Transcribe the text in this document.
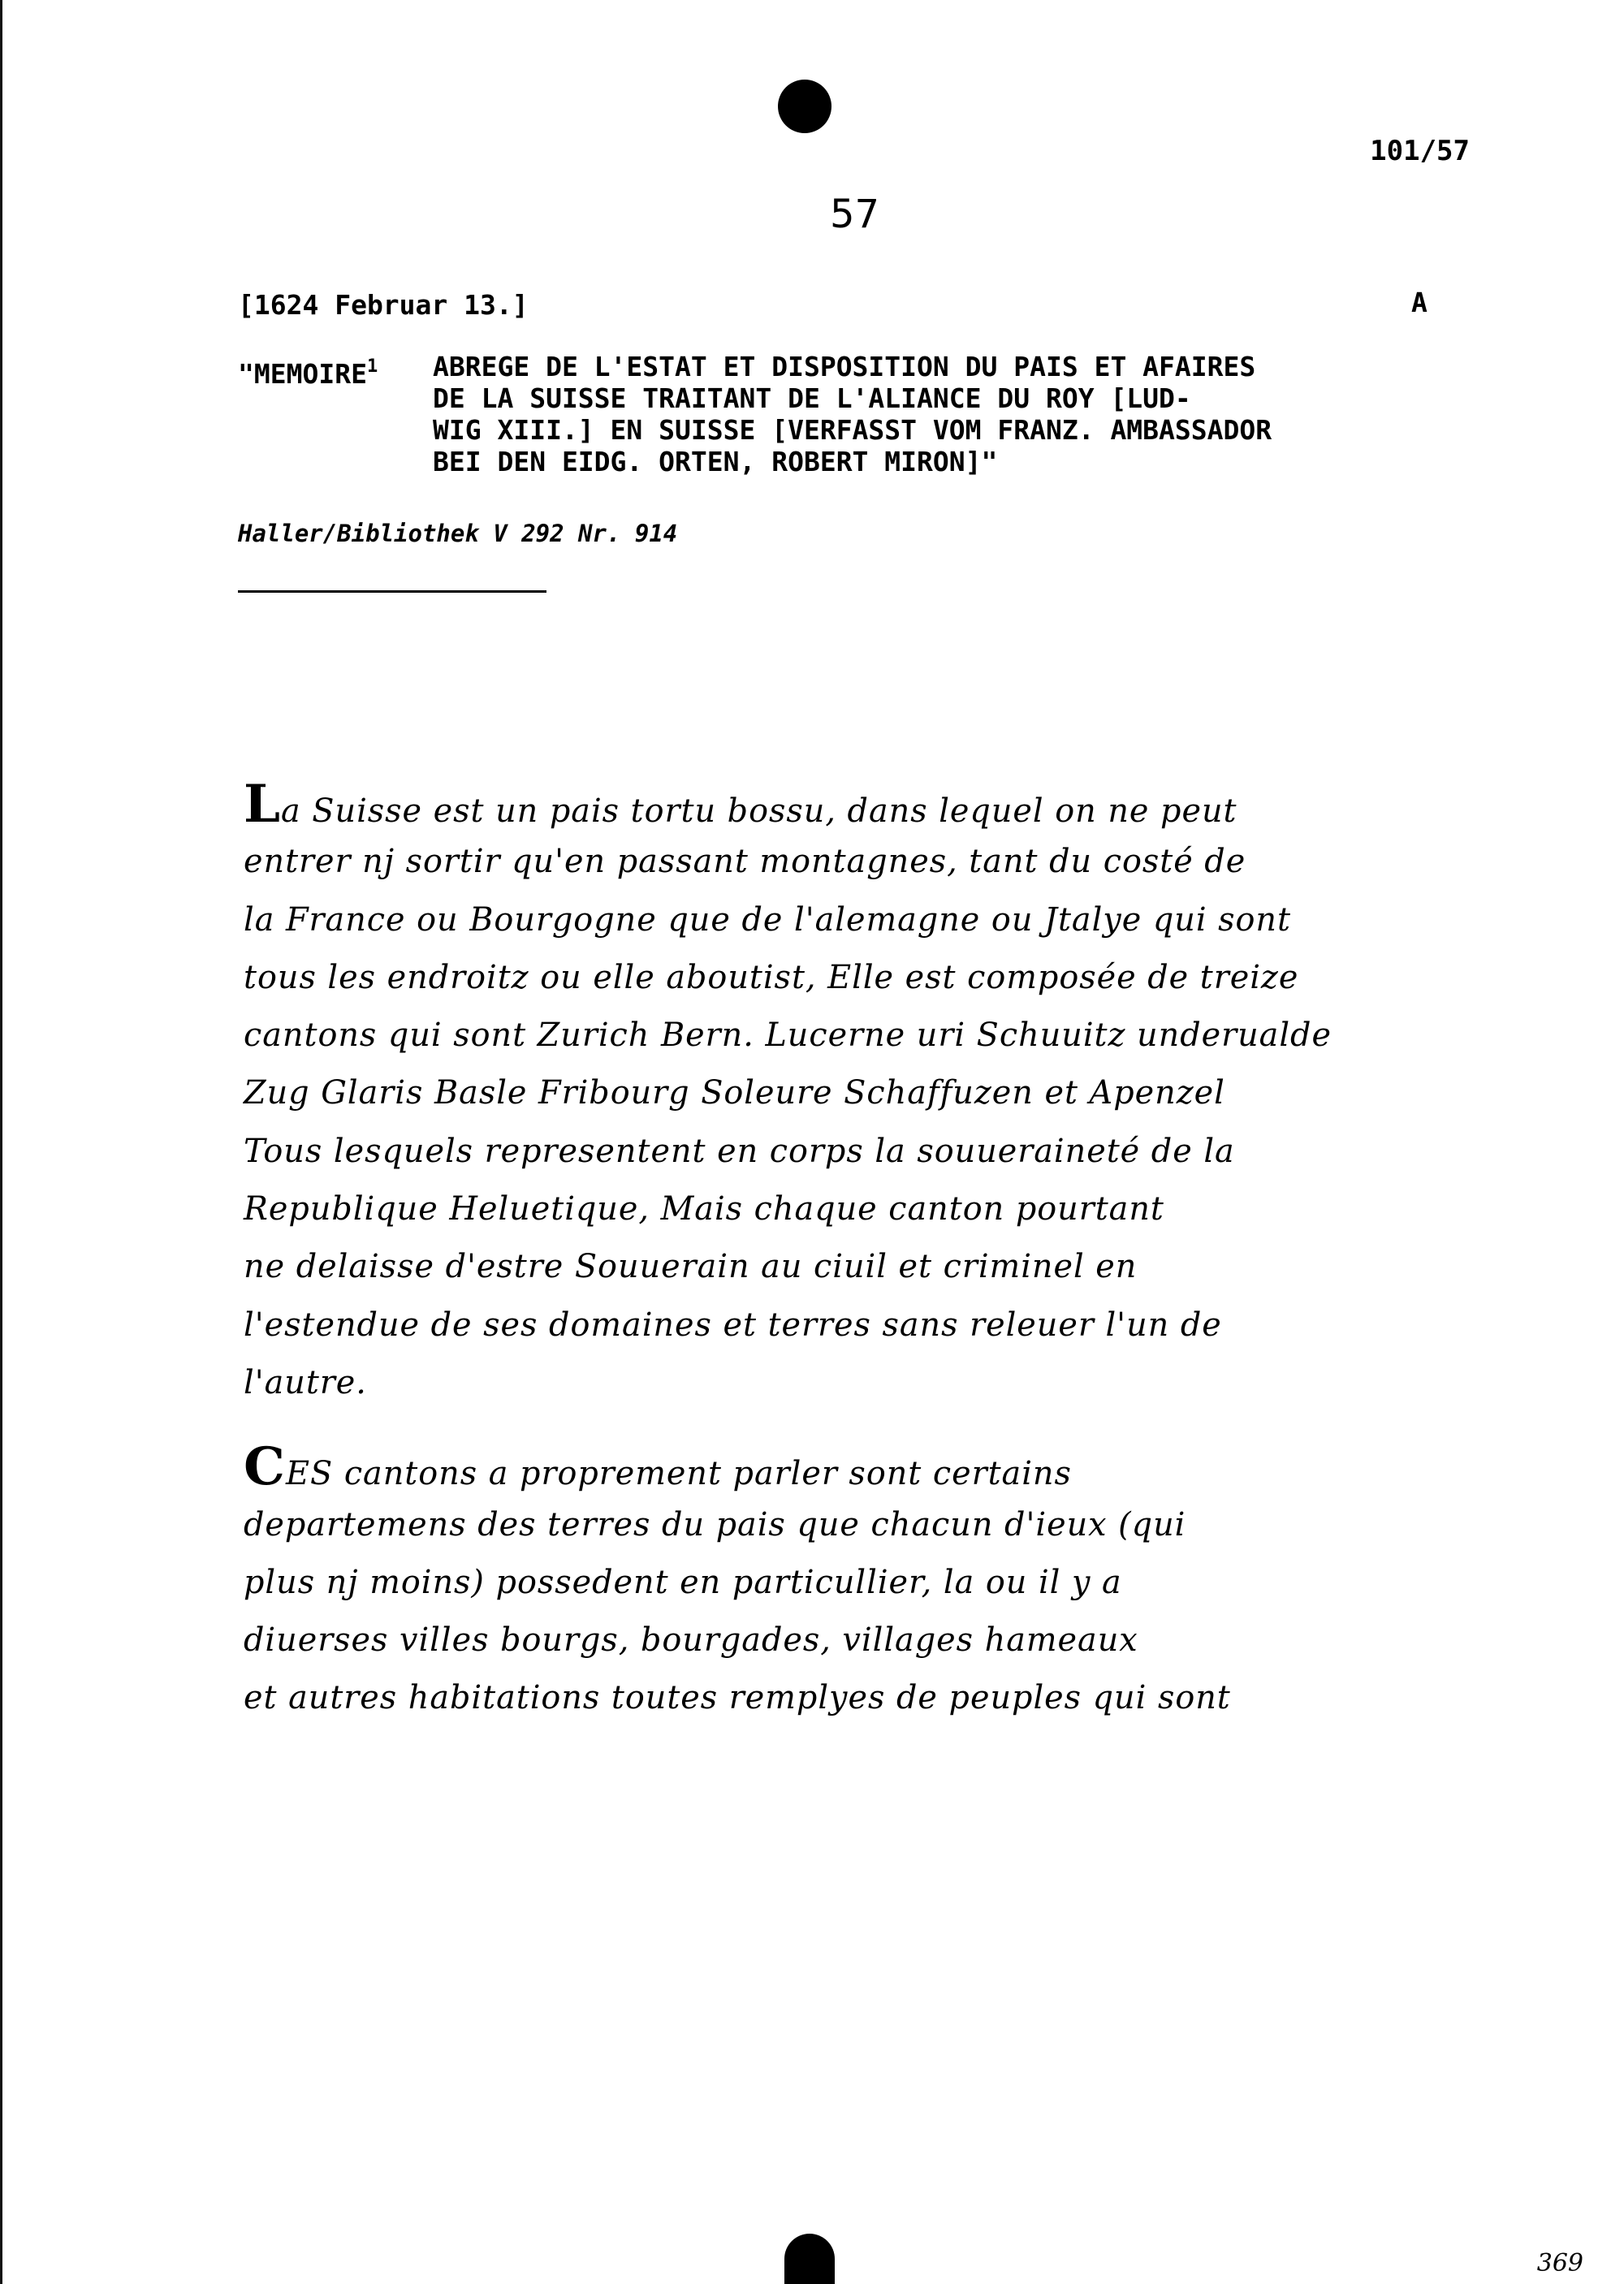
101/57
57
[1624 Februar 13.]	A
"MEMOIRE$^1$ ABREGE DE L'ESTAT ET DISPOSITION DU PAIS ET AFAIRES
DE LA SUISSE TRAITANT DE L'ALIANCE DU ROY [LUD-
WIG XIII.] EN SUISSE [VERFASST VOM FRANZ. AMBASSADOR
BEI DEN EIDG. ORTEN, ROBERT MIRON]"
Haller/Bibliothek V 292 Nr. 914
La Suisse est un pais tortu bossu, dans lequel on ne peut
entrer nj sortir qu'en passant montagnes, tant du costé de
la France ou Bourgogne que de l'alemagne ou Jtalye qui sont
tous les endroitz ou elle aboutist, Elle est composée de treize
cantons qui sont Zurich Bern. Lucerne uri Schuuitz underualde
Zug Glaris Basle Fribourg Soleure Schaffuzen et Apenzel
Tous lesquels representent en corps la souueraineté de la
Republique Heluetique, Mais chaque canton pourtant
ne delaisse d'estre Souuerain au ciuil et criminel en
l'estendue de ses domaines et terres sans releuer l'un de
l'autre.
CES cantons a proprement parler sont certains
departemens des terres du pais que chacun d'ieux (qui
plus nj moins) possedent en particullier, la ou il y a
diuerses villes bourgs, bourgades, villages hameaux
et autres habitations toutes remplyes de peuples qui sont
369
